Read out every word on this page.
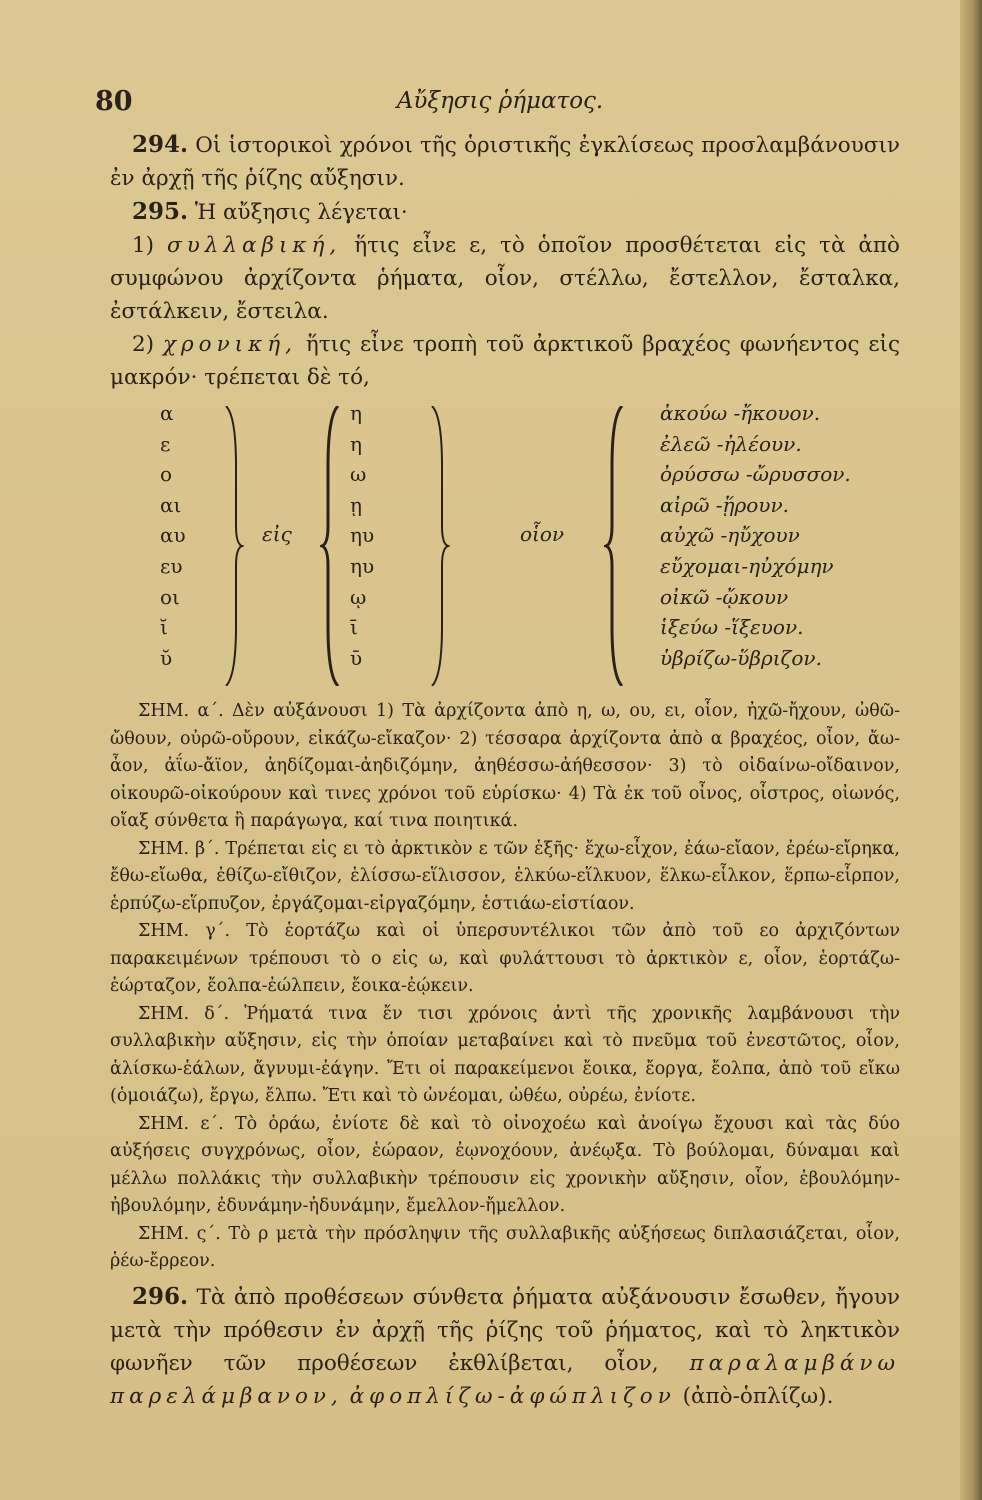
80	Αὔξησις ῥήματος.

294. Οἱ ἱστορικοὶ χρόνοι τῆς ὁριστικῆς ἐγκλίσεως προσλαμβάνουσιν ἐν ἀρχῇ τῆς ῥίζης αὔξησιν.

295. Ἡ αὔξησις λέγεται·

1) συλλαβική, ἥτις εἶνε ε, τὸ ὁποῖον προσθέτεται εἰς τὰ ἀπὸ συμφώνου ἀρχίζοντα ῥήματα, οἷον, στέλλω, ἔστελλον, ἔσταλκα, ἐστάλκειν, ἔστειλα.

2) χρονική, ἥτις εἶνε τροπὴ τοῦ ἀρκτικοῦ βραχέος φωνήεντος εἰς μακρόν· τρέπεται δὲ τό,

α
ε
ο
αι
αυ
ευ
οι
ῐ
ῠ
εἰς
η
η
ω
ῃ
ηυ
ηυ
ῳ
ῑ
ῡ
οἷον
ἀκούω -ἤκουον.
ἐλεῶ -ἠλέουν.
ὀρύσσω -ὤρυσσον.
αἰρῶ -ᾕρουν.
αὐχῶ -ηὔχουν
εὔχομαι-ηὐχόμην
οἰκῶ -ᾤκουν
ἱξεύω -ἵξευον.
ὑβρίζω-ὕβριζον.

ΣΗΜ. α΄. Δὲν αὐξάνουσι 1) Τὰ ἀρχίζοντα ἀπὸ η, ω, ου, ει, οἷον, ἠχῶ-ἤχουν, ὠθῶ-ὤθουν, οὐρῶ-οὔρουν, εἰκάζω-εἴκαζον· 2) τέσσαρα ἀρχίζοντα ἀπὸ α βραχέος, οἷον, ἄω-ἆον, ἀΐω-ἄϊον, ἀηδίζομαι-ἀηδιζόμην, ἀηθέσσω-ἀήθεσσον· 3) τὸ οἰδαίνω-οἴδαινον, οἰκουρῶ-οἰκούρουν καὶ τινες χρόνοι τοῦ εὑρίσκω· 4) Τὰ ἐκ τοῦ οἶνος, οἶστρος, οἰωνός, οἴαξ σύνθετα ἢ παράγωγα, καί τινα ποιητικά.

ΣΗΜ. β΄. Τρέπεται εἰς ει τὸ ἀρκτικὸν ε τῶν ἑξῆς· ἔχω-εἶχον, ἐάω-εἴαον, ἐρέω-εἴρηκα, ἔθω-εἴωθα, ἐθίζω-εἴθιζον, ἑλίσσω-εἵλισσον, ἑλκύω-εἵλκυον, ἕλκω-εἷλκον, ἕρπω-εἷρπον, ἑρπύζω-εἵρπυζον, ἐργάζομαι-εἰργαζόμην, ἑστιάω-εἱστίαον.

ΣΗΜ. γ΄. Τὸ ἑορτάζω καὶ οἱ ὑπερσυντέλικοι τῶν ἀπὸ τοῦ εο ἀρχιζόντων παρακειμένων τρέπουσι τὸ ο εἰς ω, καὶ φυλάττουσι τὸ ἀρκτικὸν ε, οἷον, ἑορτάζω-ἑώρταζον, ἔολπα-ἐώλπειν, ἔοικα-ἐῴκειν.

ΣΗΜ. δ΄. Ῥήματά τινα ἔν τισι χρόνοις ἀντὶ τῆς χρονικῆς λαμβάνουσι τὴν συλλαβικὴν αὔξησιν, εἰς τὴν ὁποίαν μεταβαίνει καὶ τὸ πνεῦμα τοῦ ἐνεστῶτος, οἷον, ἁλίσκω-ἑάλων, ἄγνυμι-ἐάγην. Ἔτι οἱ παρακείμενοι ἔοικα, ἔοργα, ἔολπα, ἀπὸ τοῦ εἴκω (ὁμοιάζω), ἔργω, ἔλπω. Ἔτι καὶ τὸ ὠνέομαι, ὠθέω, οὐρέω, ἐνίοτε.

ΣΗΜ. ε΄. Τὸ ὁράω, ἐνίοτε δὲ καὶ τὸ οἰνοχοέω καὶ ἀνοίγω ἔχουσι καὶ τὰς δύο αὐξήσεις συγχρόνως, οἷον, ἑώραον, ἐῳνοχόουν, ἀνέῳξα. Τὸ βούλομαι, δύναμαι καὶ μέλλω πολλάκις τὴν συλλαβικὴν τρέπουσιν εἰς χρονικὴν αὔξησιν, οἷον, ἐβουλόμην-ἠβουλόμην, ἐδυνάμην-ἠδυνάμην, ἔμελλον-ἤμελλον.

ΣΗΜ. ς΄. Τὸ ρ μετὰ τὴν πρόσληψιν τῆς συλλαβικῆς αὐξήσεως διπλασιάζεται, οἷον, ῥέω-ἔρρεον.

296. Τὰ ἀπὸ προθέσεων σύνθετα ῥήματα αὐξάνουσιν ἔσωθεν, ἤγουν μετὰ τὴν πρόθεσιν ἐν ἀρχῇ τῆς ῥίζης τοῦ ῥήματος, καὶ τὸ ληκτικὸν φωνῆεν τῶν προθέσεων ἐκθλίβεται, οἷον, παραλαμβάνω παρελάμβανον, ἀφοπλίζω-ἀφώπλιζον (ἀπὸ-ὁπλίζω).
